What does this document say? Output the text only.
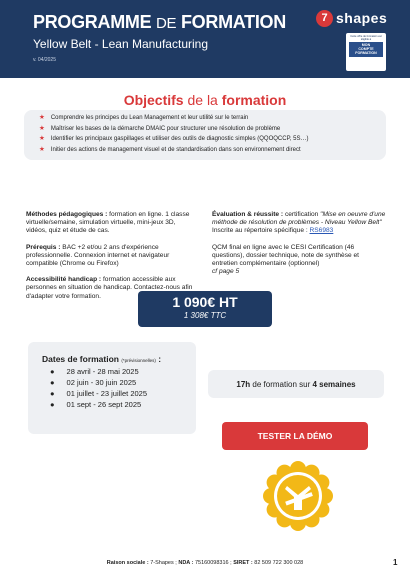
PROGRAMME DE FORMATION
Yellow Belt - Lean Manufacturing
v. 04/2025
7 shapes
Cette offre de formation est éligible à
MON
COMPTE
FORMATION
Objectifs de la formation
★ Comprendre les principes du Lean Management et leur utilité sur le terrain
★ Maîtriser les bases de la démarche DMAIC pour structurer une résolution de problème
★ Identifier les principaux gaspillages et utiliser des outils de diagnostic simples (QQOQCCP, 5S…)
★ Initier des actions de management visuel et de standardisation dans son environnement direct

Méthodes pédagogiques : formation en ligne. 1 classe virtuelle/semaine, simulation virtuelle, mini-jeux 3D, vidéos, quiz et étude de cas.

Prérequis : BAC +2 et/ou 2 ans d'expérience professionnelle. Connexion internet et navigateur compatible (Chrome ou Firefox)

Accessibilité handicap : formation accessible aux personnes en situation de handicap. Contactez-nous afin d'adapter votre formation.

Évaluation & réussite : certification "Mise en oeuvre d'une méthode de résolution de problèmes - Niveau Yellow Belt" Inscrite au répertoire spécifique : RS6983

QCM final en ligne avec le CESI Certification (46 questions), dossier technique, note de synthèse et entretien complémentaire (optionnel)
cf page 5

1 090€ HT
1 308€ TTC
Dates de formation (*prévisionnelles) :
● 28 avril - 28 mai 2025
● 02 juin - 30 juin 2025
● 01 juillet - 23 juillet 2025
● 01 sept - 26 sept 2025
17h de formation sur 4 semaines
TESTER LA DÉMO
Raison sociale : 7-Shapes ; NDA : 75160098316 ; SIRET : 82 509 722 300 028	1
